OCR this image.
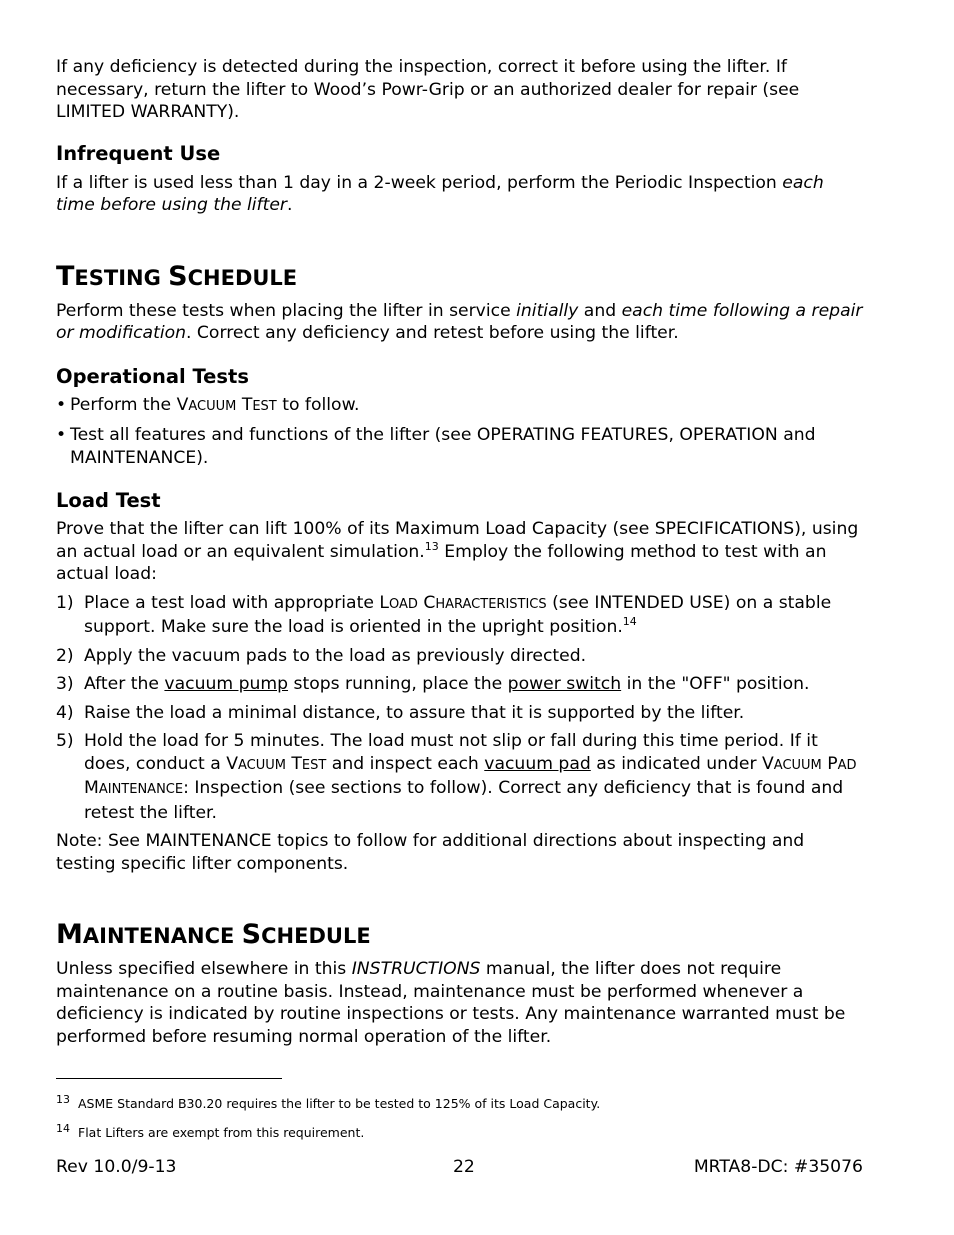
If any deficiency is detected during the inspection, correct it before using the lifter. If necessary, return the lifter to Wood’s Powr-Grip or an authorized dealer for repair (see LIMITED WARRANTY).

Infrequent Use

If a lifter is used less than 1 day in a 2-week period, perform the Periodic Inspection each time before using the lifter.

TESTING SCHEDULE

Perform these tests when placing the lifter in service initially and each time following a repair or modification. Correct any deficiency and retest before using the lifter.

Operational Tests
• Perform the VACUUM TEST to follow.
• Test all features and functions of the lifter (see OPERATING FEATURES, OPERATION and MAINTENANCE).
Load Test

Prove that the lifter can lift 100% of its Maximum Load Capacity (see SPECIFICATIONS), using an actual load or an equivalent simulation.$^{13}$ Employ the following method to test with an actual load:

1) Place a test load with appropriate LOAD CHARACTERISTICS (see INTENDED USE) on a stable support. Make sure the load is oriented in the upright position.$^{14}$
2) Apply the vacuum pads to the load as previously directed.
3) After the vacuum pump stops running, place the power switch in the "OFF" position.
4) Raise the load a minimal distance, to assure that it is supported by the lifter.
5) Hold the load for 5 minutes. The load must not slip or fall during this time period. If it does, conduct a VACUUM TEST and inspect each vacuum pad as indicated under VACUUM PAD MAINTENANCE: Inspection (see sections to follow). Correct any deficiency that is found and retest the lifter.

Note: See MAINTENANCE topics to follow for additional directions about inspecting and testing specific lifter components.

MAINTENANCE SCHEDULE

Unless specified elsewhere in this INSTRUCTIONS manual, the lifter does not require maintenance on a routine basis. Instead, maintenance must be performed whenever a deficiency is indicated by routine inspections or tests. Any maintenance warranted must be performed before resuming normal operation of the lifter.

$^{13}$ ASME Standard B30.20 requires the lifter to be tested to 125% of its Load Capacity.
$^{14}$ Flat Lifters are exempt from this requirement.
Rev 10.0/9-13	22	MRTA8-DC: #35076
